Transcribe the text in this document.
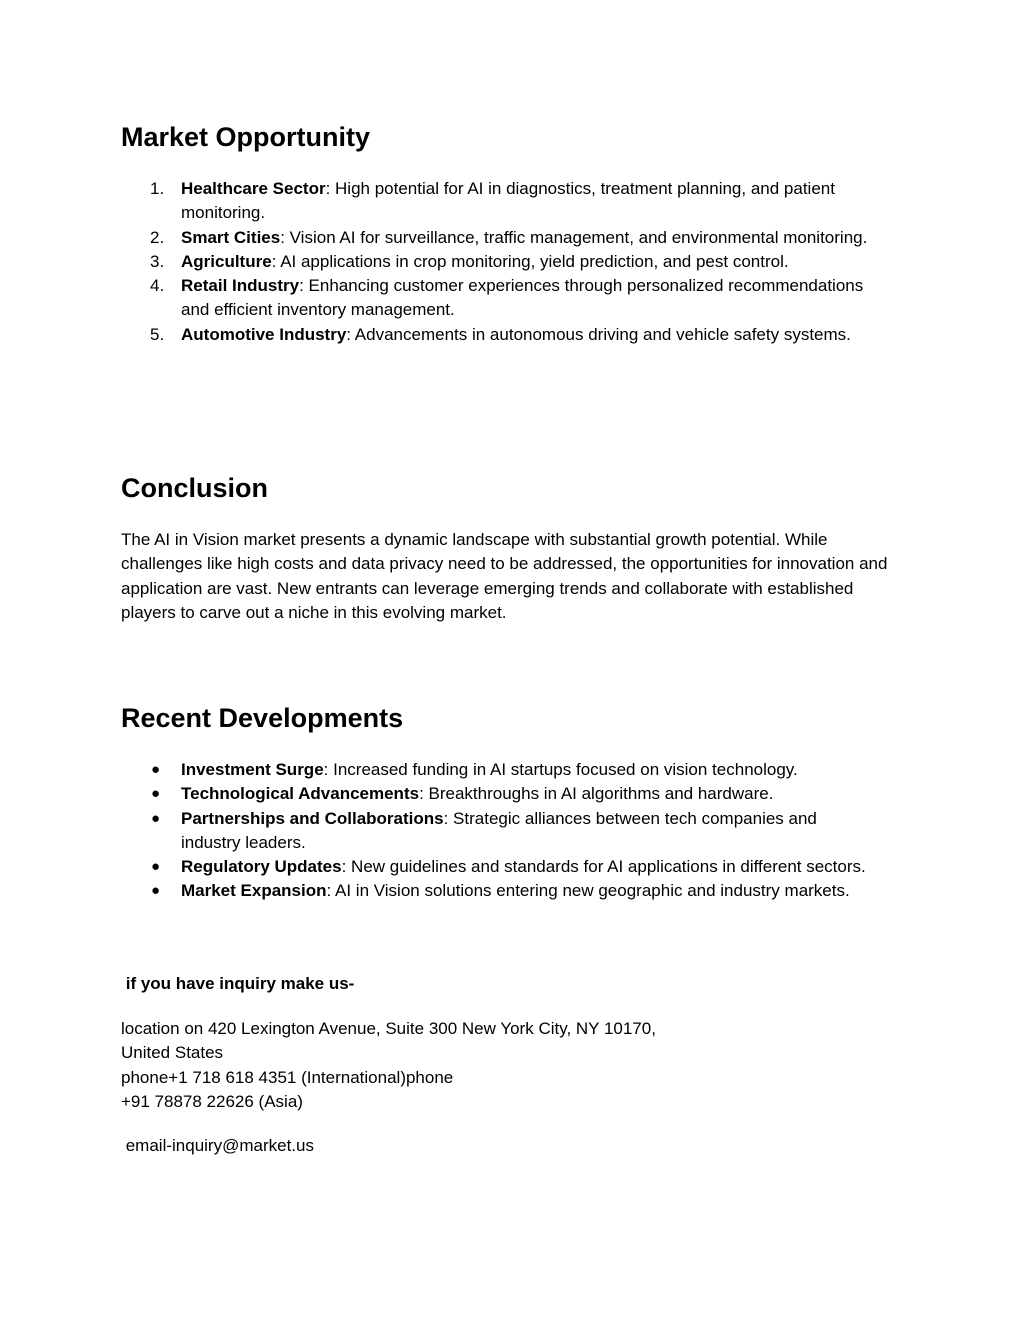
Market Opportunity
1. Healthcare Sector: High potential for AI in diagnostics, treatment planning, and patient monitoring.
2. Smart Cities: Vision AI for surveillance, traffic management, and environmental monitoring.
3. Agriculture: AI applications in crop monitoring, yield prediction, and pest control.
4. Retail Industry: Enhancing customer experiences through personalized recommendations and efficient inventory management.
5. Automotive Industry: Advancements in autonomous driving and vehicle safety systems.
Conclusion

The AI in Vision market presents a dynamic landscape with substantial growth potential. While challenges like high costs and data privacy need to be addressed, the opportunities for innovation and application are vast. New entrants can leverage emerging trends and collaborate with established players to carve out a niche in this evolving market.

Recent Developments
● Investment Surge: Increased funding in AI startups focused on vision technology.
● Technological Advancements: Breakthroughs in AI algorithms and hardware.
● Partnerships and Collaborations: Strategic alliances between tech companies and industry leaders.
● Regulatory Updates: New guidelines and standards for AI applications in different sectors.
● Market Expansion: AI in Vision solutions entering new geographic and industry markets.

if you have inquiry make us-

location on 420 Lexington Avenue, Suite 300 New York City, NY 10170,
United States
phone+1 718 618 4351 (International)phone
+91 78878 22626 (Asia)

email-inquiry@market.us
